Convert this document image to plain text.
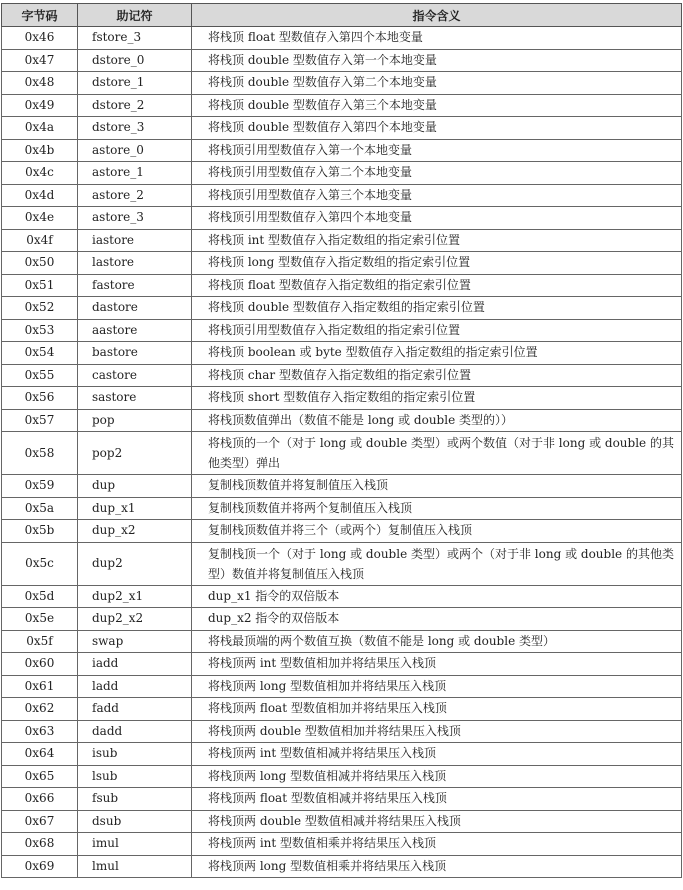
字节码	助记符	指令含义
0x46	fstore_3	将栈顶 float 型数值存入第四个本地变量
0x47	dstore_0	将栈顶 double 型数值存入第一个本地变量
0x48	dstore_1	将栈顶 double 型数值存入第二个本地变量
0x49	dstore_2	将栈顶 double 型数值存入第三个本地变量
0x4a	dstore_3	将栈顶 double 型数值存入第四个本地变量
0x4b	astore_0	将栈顶引用型数值存入第一个本地变量
0x4c	astore_1	将栈顶引用型数值存入第二个本地变量
0x4d	astore_2	将栈顶引用型数值存入第三个本地变量
0x4e	astore_3	将栈顶引用型数值存入第四个本地变量
0x4f	iastore	将栈顶 int 型数值存入指定数组的指定索引位置
0x50	lastore	将栈顶 long 型数值存入指定数组的指定索引位置
0x51	fastore	将栈顶 float 型数值存入指定数组的指定索引位置
0x52	dastore	将栈顶 double 型数值存入指定数组的指定索引位置
0x53	aastore	将栈顶引用型数值存入指定数组的指定索引位置
0x54	bastore	将栈顶 boolean 或 byte 型数值存入指定数组的指定索引位置
0x55	castore	将栈顶 char 型数值存入指定数组的指定索引位置
0x56	sastore	将栈顶 short 型数值存入指定数组的指定索引位置
0x57	pop	将栈顶数值弹出（数值不能是 long 或 double 类型的））
0x58	pop2	将栈顶的一个（对于 long 或 double 类型）或两个数值（对于非 long 或 double 的其他类型）弹出
0x59	dup	复制栈顶数值并将复制值压入栈顶
0x5a	dup_x1	复制栈顶数值并将两个复制值压入栈顶
0x5b	dup_x2	复制栈顶数值并将三个（或两个）复制值压入栈顶
0x5c	dup2	复制栈顶一个（对于 long 或 double 类型）或两个（对于非 long 或 double 的其他类型）数值并将复制值压入栈顶
0x5d	dup2_x1	dup_x1 指令的双倍版本
0x5e	dup2_x2	dup_x2 指令的双倍版本
0x5f	swap	将栈最顶端的两个数值互换（数值不能是 long 或 double 类型）
0x60	iadd	将栈顶两 int 型数值相加并将结果压入栈顶
0x61	ladd	将栈顶两 long 型数值相加并将结果压入栈顶
0x62	fadd	将栈顶两 float 型数值相加并将结果压入栈顶
0x63	dadd	将栈顶两 double 型数值相加并将结果压入栈顶
0x64	isub	将栈顶两 int 型数值相减并将结果压入栈顶
0x65	lsub	将栈顶两 long 型数值相减并将结果压入栈顶
0x66	fsub	将栈顶两 float 型数值相减并将结果压入栈顶
0x67	dsub	将栈顶两 double 型数值相减并将结果压入栈顶
0x68	imul	将栈顶两 int 型数值相乘并将结果压入栈顶
0x69	lmul	将栈顶两 long 型数值相乘并将结果压入栈顶
